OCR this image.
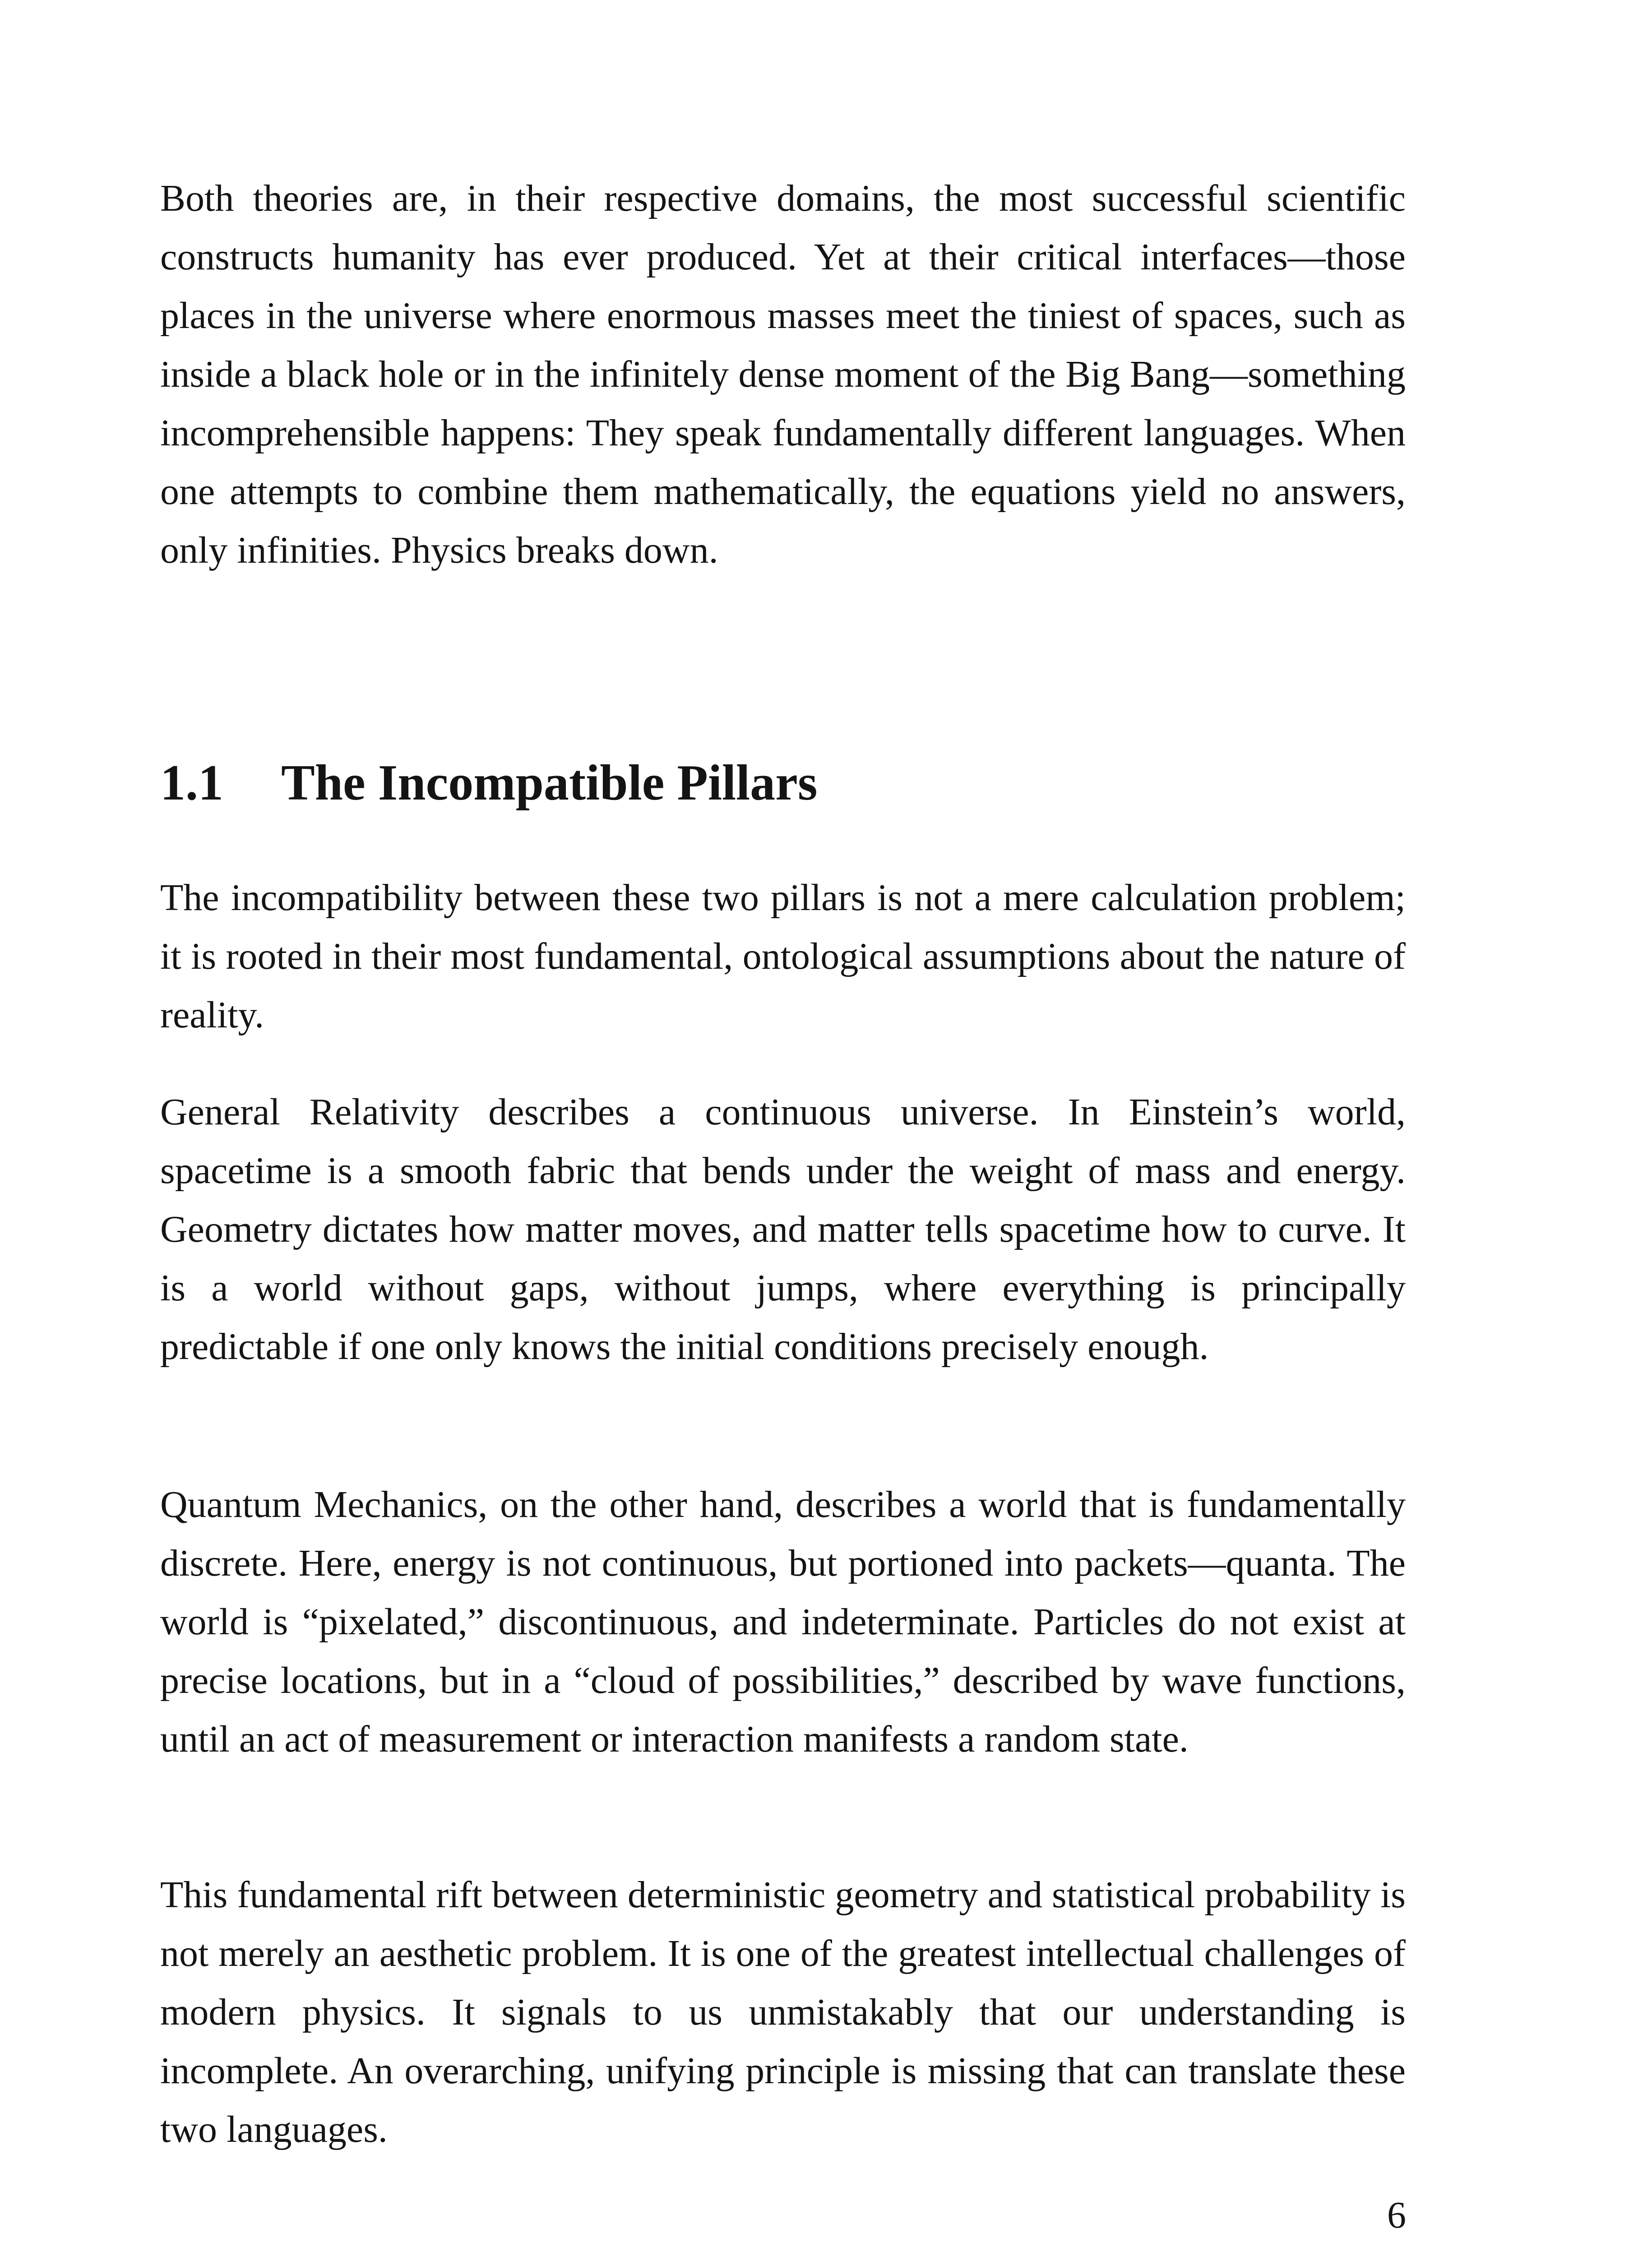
Both theories are, in their respective domains, the most successful scientific constructs humanity has ever produced. Yet at their critical interfaces—those places in the universe where enormous masses meet the tiniest of spaces, such as inside a black hole or in the infinitely dense moment of the Big Bang—something incomprehensible happens: They speak fundamentally different languages. When one attempts to combine them mathematically, the equations yield no answers, only infinities. Physics breaks down.

1.1 The Incompatible Pillars

The incompatibility between these two pillars is not a mere calculation problem; it is rooted in their most fundamental, ontological assumptions about the nature of reality.

General Relativity describes a continuous universe. In Einstein’s world, spacetime is a smooth fabric that bends under the weight of mass and energy. Geometry dictates how matter moves, and matter tells spacetime how to curve. It is a world without gaps, without jumps, where everything is principally predictable if one only knows the initial conditions precisely enough.

Quantum Mechanics, on the other hand, describes a world that is fundamentally discrete. Here, energy is not continuous, but portioned into packets—quanta. The world is “pixelated,” discontinuous, and indeterminate. Particles do not exist at precise locations, but in a “cloud of possibilities,” described by wave functions, until an act of measurement or interaction manifests a random state.

This fundamental rift between deterministic geometry and statistical probability is not merely an aesthetic problem. It is one of the greatest intellectual challenges of modern physics. It signals to us unmistakably that our understanding is incomplete. An overarching, unifying principle is missing that can translate these two languages.

6
